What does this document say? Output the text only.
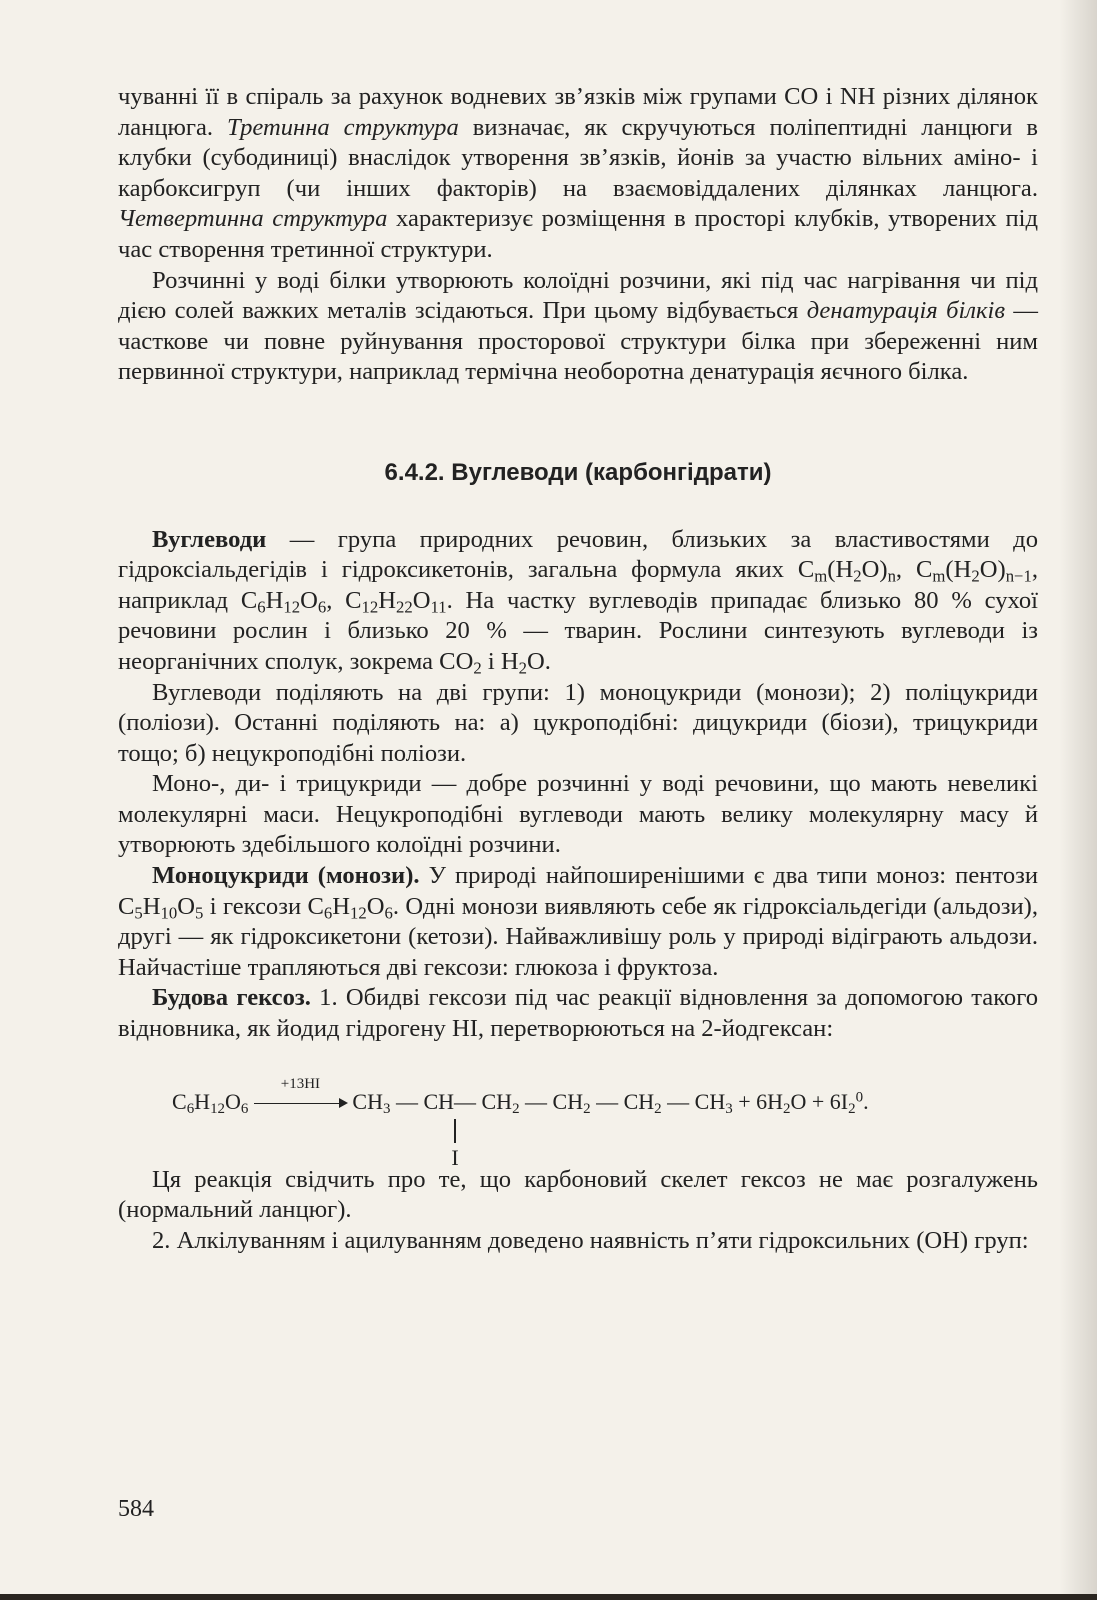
чуванні її в спіраль за рахунок водневих зв’язків між групами CO і NH різних ділянок ланцюга. Третинна структура визначає, як скручуються поліпептидні ланцюги в клубки (субодиниці) внаслідок утворення зв’язків, йонів за участю вільних аміно- і карбоксигруп (чи інших факторів) на взаємовіддалених ділянках ланцюга. Четвертинна структура характеризує розміщення в просторі клубків, утворених під час створення третинної структури.

Розчинні у воді білки утворюють колоїдні розчини, які під час нагрівання чи під дією солей важких металів зсідаються. При цьому відбувається денатурація білків — часткове чи повне руйнування просторової структури білка при збереженні ним первинної структури, наприклад термічна необоротна денатурація яєчного білка.

6.4.2. Вуглеводи (карбонгідрати)

Вуглеводи — група природних речовин, близьких за властивостями до гідроксіальдегідів і гідроксикетонів, загальна формула яких $C_m(H_2O)_n$, $C_m(H_2O)_{n-1}$, наприклад $C_6H_{12}O_6$, $C_{12}H_{22}O_{11}$. На частку вуглеводів припадає близько 80 % сухої речовини рослин і близько 20 % — тварин. Рослини синтезують вуглеводи із неорганічних сполук, зокрема $CO_2$ і $H_2O$.

Вуглеводи поділяють на дві групи: 1) моноцукриди (монози); 2) поліцукриди (поліози). Останні поділяють на: а) цукроподібні: дицукриди (біози), трицукриди тощо; б) нецукроподібні поліози.

Моно-, ди- і трицукриди — добре розчинні у воді речовини, що мають невеликі молекулярні маси. Нецукроподібні вуглеводи мають велику молекулярну масу й утворюють здебільшого колоїдні розчини.

Моноцукриди (монози). У природі найпоширенішими є два типи моноз: пентози $C_5H_{10}O_5$ і гексози $C_6H_{12}O_6$. Одні монози виявляють себе як гідроксіальдегіди (альдози), другі — як гідроксикетони (кетози). Найважливішу роль у природі відіграють альдози. Найчастіше трапляються дві гексози: глюкоза і фруктоза.

Будова гексоз. 1. Обидві гексози під час реакції відновлення за допомогою такого відновника, як йодид гідрогену HI, перетворюються на 2-йодгексан:

$C_6H_{12}O_6$
+13HI
$CH_3$ — CH— $CH_2$ — $CH_2$ — $CH_2$ — $CH_3 + 6H_2O + 6I_2^0$.
I

Ця реакція свідчить про те, що карбоновий скелет гексоз не має розгалужень (нормальний ланцюг).

2. Алкілуванням і ацилуванням доведено наявність п’яти гідроксильних (OH) груп:

584
